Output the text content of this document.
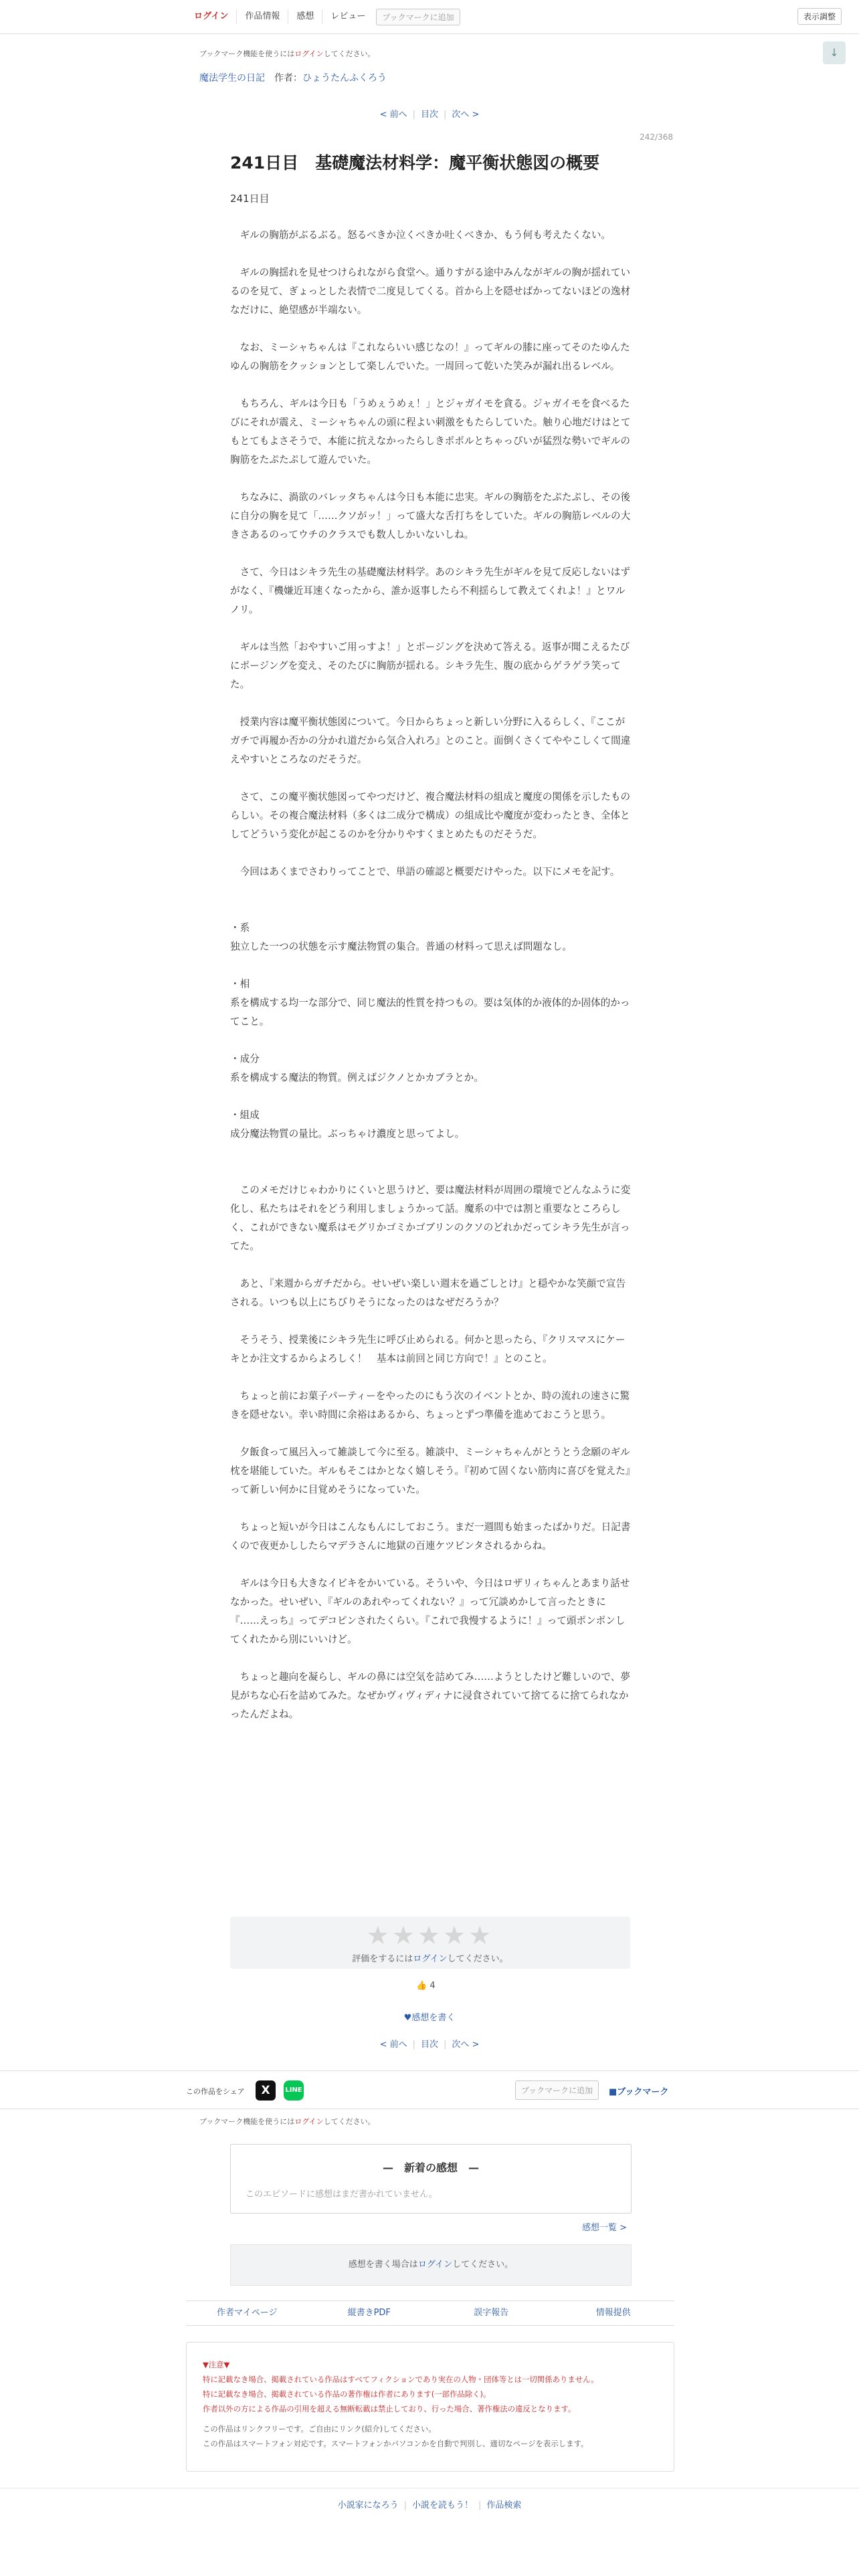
ログイン	作品情報	感想	レビュー	ブックマークに追加	表示調整
↓
ブックマーク機能を使うにはログインしてください。
魔法学生の日記 作者：ひょうたんふくろう
< 前へ | 目次 | 次へ >
242/368
241日目　基礎魔法材料学：魔平衡状態図の概要
241日目

　ギルの胸筋がぶるぶる。怒るべきか泣くべきか吐くべきか、もう何も考えたくない。

　ギルの胸揺れを見せつけられながら食堂へ。通りすがる途中みんながギルの胸が揺れているのを見て、ぎょっとした表情で二度見してくる。首から上を隠せばかってないほどの逸材なだけに、絶望感が半端ない。

　なお、ミーシャちゃんは『これならいい感じなの！』ってギルの膝に座ってそのたゆんたゆんの胸筋をクッションとして楽しんでいた。一周回って乾いた笑みが漏れ出るレベル。

　もちろん、ギルは今日も「うめぇうめぇ！」とジャガイモを貪る。ジャガイモを食べるたびにそれが震え、ミーシャちゃんの頭に程よい刺激をもたらしていた。触り心地だけはとてもとてもよさそうで、本能に抗えなかったらしきポポルとちゃっぴいが猛烈な勢いでギルの胸筋をたぷたぷして遊んでいた。

　ちなみに、渦欲のバレッタちゃんは今日も本能に忠実。ギルの胸筋をたぷたぷし、その後に自分の胸を見て「……クソがッ！」って盛大な舌打ちをしていた。ギルの胸筋レベルの大きさあるのってウチのクラスでも数人しかいないしね。

　さて、今日はシキラ先生の基礎魔法材料学。あのシキラ先生がギルを見て反応しないはずがなく、『機嫌近耳速くなったから、誰か返事したら不利揺らして教えてくれよ！』とワルノリ。

　ギルは当然「おやすいご用っすよ！」とポージングを決めて答える。返事が聞こえるたびにポージングを変え、そのたびに胸筋が揺れる。シキラ先生、腹の底からゲラゲラ笑ってた。

　授業内容は魔平衡状態図について。今日からちょっと新しい分野に入るらしく、『ここがガチで再履か否かの分かれ道だから気合入れろ』とのこと。面倒くさくてややこしくて間違えやすいところなのだそうだ。

　さて、この魔平衡状態図ってやつだけど、複合魔法材料の組成と魔度の関係を示したものらしい。その複合魔法材料（多くは二成分で構成）の組成比や魔度が変わったとき、全体としてどういう変化が起こるのかを分かりやすくまとめたものだそうだ。

　今回はあくまでさわりってことで、単語の確認と概要だけやった。以下にメモを記す。

・系

独立した一つの状態を示す魔法物質の集合。普通の材料って思えば問題なし。

・相

系を構成する均一な部分で、同じ魔法的性質を持つもの。要は気体的か液体的か固体的かってこと。

・成分

系を構成する魔法的物質。例えばジクノとかカブラとか。

・組成

成分魔法物質の量比。ぶっちゃけ濃度と思ってよし。

　このメモだけじゃわかりにくいと思うけど、要は魔法材料が周囲の環境でどんなふうに変化し、私たちはそれをどう利用しましょうかって話。魔系の中では割と重要なところらしく、これができない魔系はモグリかゴミかゴブリンのクソのどれかだってシキラ先生が言ってた。

　あと、『来週からガチだから。せいぜい楽しい週末を過ごしとけ』と穏やかな笑顔で宣告される。いつも以上にちびりそうになったのはなぜだろうか？

　そうそう、授業後にシキラ先生に呼び止められる。何かと思ったら、『クリスマスにケーキとか注文するからよろしく！　基本は前回と同じ方向で！』とのこと。

　ちょっと前にお菓子パーティーをやったのにもう次のイベントとか、時の流れの速さに驚きを隠せない。幸い時間に余裕はあるから、ちょっとずつ準備を進めておこうと思う。

　夕飯食って風呂入って雑談して今に至る。雑談中、ミーシャちゃんがとうとう念願のギル枕を堪能していた。ギルもそこはかとなく嬉しそう。『初めて固くない筋肉に喜びを覚えた』って新しい何かに目覚めそうになっていた。

　ちょっと短いが今日はこんなもんにしておこう。まだ一週間も始まったばかりだ。日記書くので夜更かししたらマデラさんに地獄の百連ケツビンタされるからね。

　ギルは今日も大きなイビキをかいている。そういや、今日はロザリィちゃんとあまり話せなかった。せいぜい、『ギルのあれやってくれない？』って冗談めかして言ったときに『……えっち』ってデコピンされたくらい。『これで我慢するように！』って頭ポンポンしてくれたから別にいいけど。

　ちょっと趣向を凝らし、ギルの鼻には空気を詰めてみ……ようとしたけど難しいので、夢見がちな心石を詰めてみた。なぜかヴィヴィディナに浸食されていて捨てるに捨てられなかったんだよね。

★★★★★
評価をするにはログインしてください。
👍 4
♥感想を書く
< 前へ | 目次 | 次へ >
この作品をシェア	X	LINE	ブックマークに追加	■ブックマーク
ブックマーク機能を使うにはログインしてください。
—　新着の感想　—
このエピソードに感想はまだ書かれていません。
感想一覧 >
感想を書く場合はログインしてください。
作者マイページ	縦書きPDF	誤字報告	情報提供
▼注意▼
特に記載なき場合、掲載されている作品はすべてフィクションであり実在の人物・団体等とは一切関係ありません。
特に記載なき場合、掲載されている作品の著作権は作者にあります(一部作品除く)。
作者以外の方による作品の引用を超える無断転載は禁止しており、行った場合、著作権法の違反となります。
この作品はリンクフリーです。ご自由にリンク(紹介)してください。
この作品はスマートフォン対応です。スマートフォンかパソコンかを自動で判別し、適切なページを表示します。
小説家になろう | 小説を読もう！ | 作品検索
